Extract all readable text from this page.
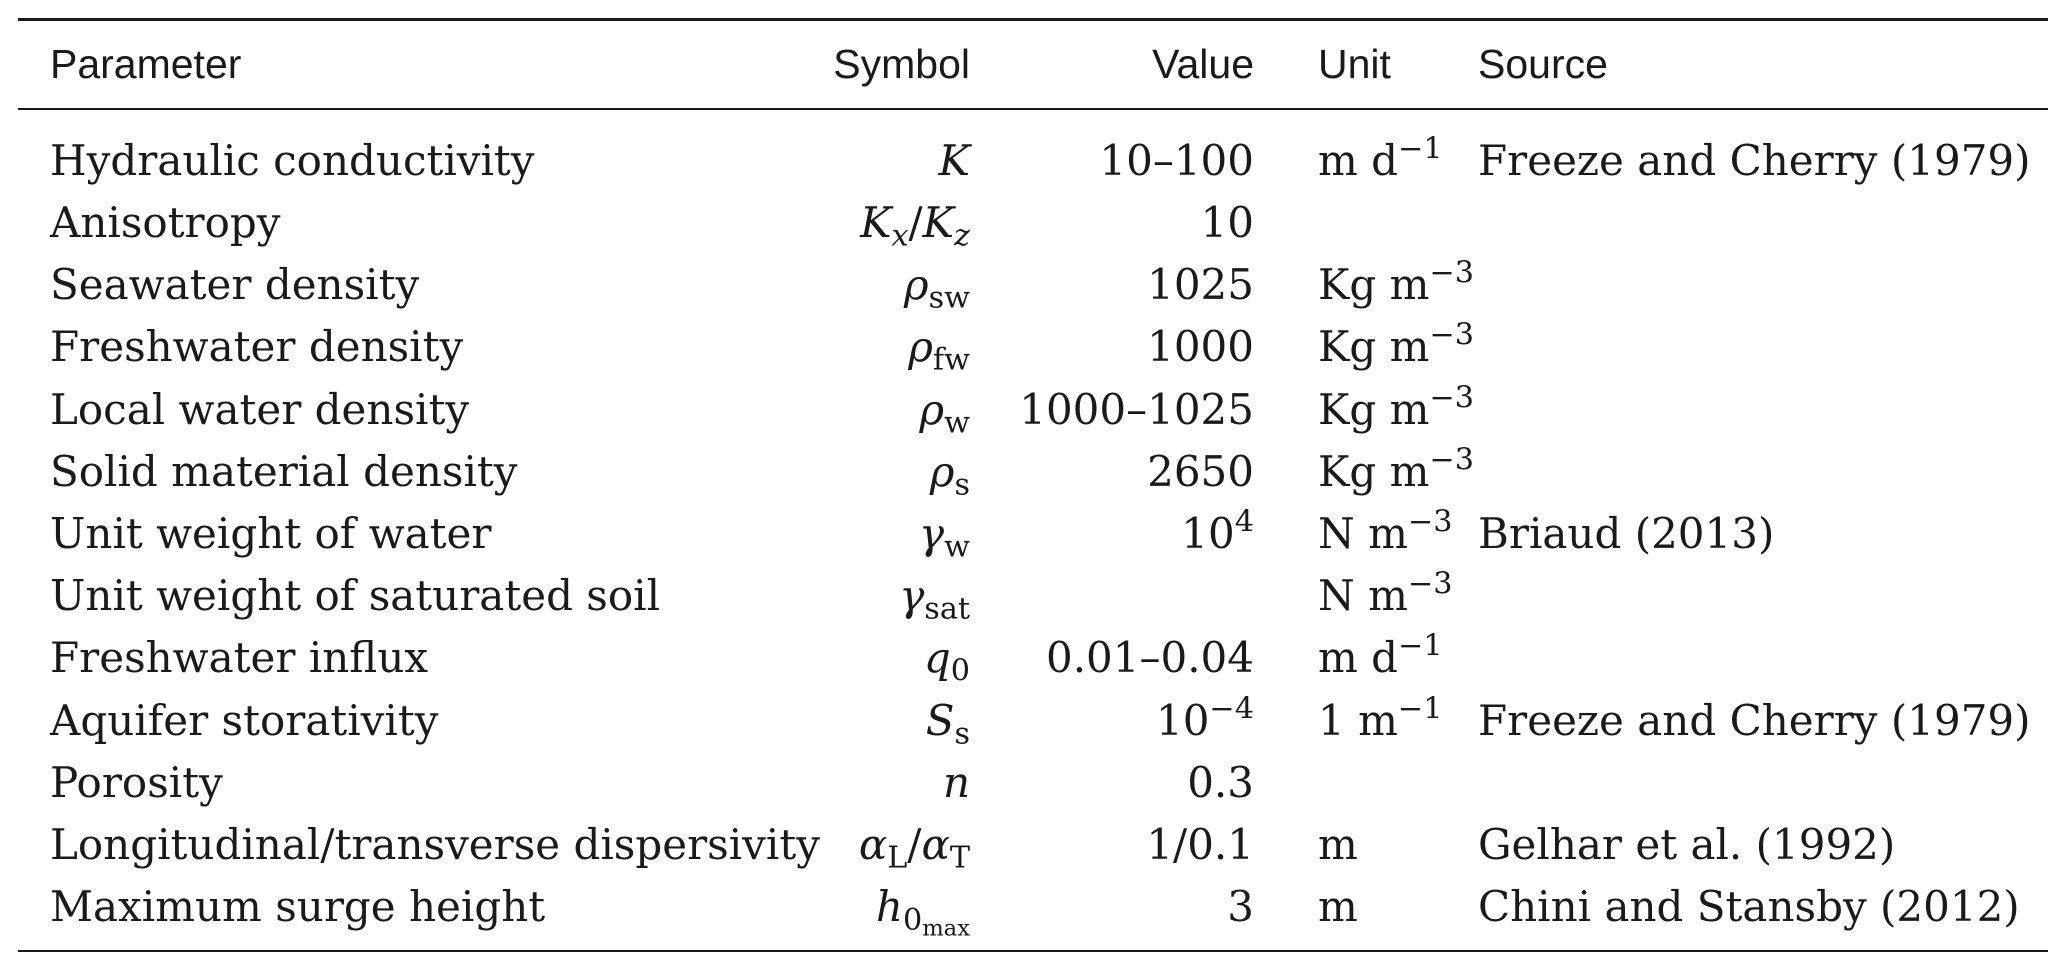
Parameter	Symbol	Value	Unit	Source
Hydraulic conductivity	K	10–100	m $d^{-1}$	Freeze and Cherry (1979)
Anisotropy	$K_x/K_z$	10		
Seawater density	$\rho_{sw}$	1025	Kg $m^{-3}$	
Freshwater density	$\rho_{fw}$	1000	Kg $m^{-3}$	
Local water density	$\rho_w$	1000–1025	Kg $m^{-3}$	
Solid material density	$\rho_s$	2650	Kg $m^{-3}$	
Unit weight of water	$\gamma_w$	$10^4$	N $m^{-3}$	Briaud (2013)
Unit weight of saturated soil	$\gamma_{sat}$		N $m^{-3}$	
Freshwater influx	$q_0$	0.01–0.04	m $d^{-1}$	
Aquifer storativity	$S_s$	$10^{-4}$	1 $m^{-1}$	Freeze and Cherry (1979)
Porosity	n	0.3		
Longitudinal/transverse dispersivity	$\alpha_L/\alpha_T$	1/0.1	m	Gelhar et al. (1992)
Maximum surge height	$h_{0_{max}}$	3	m	Chini and Stansby (2012)
